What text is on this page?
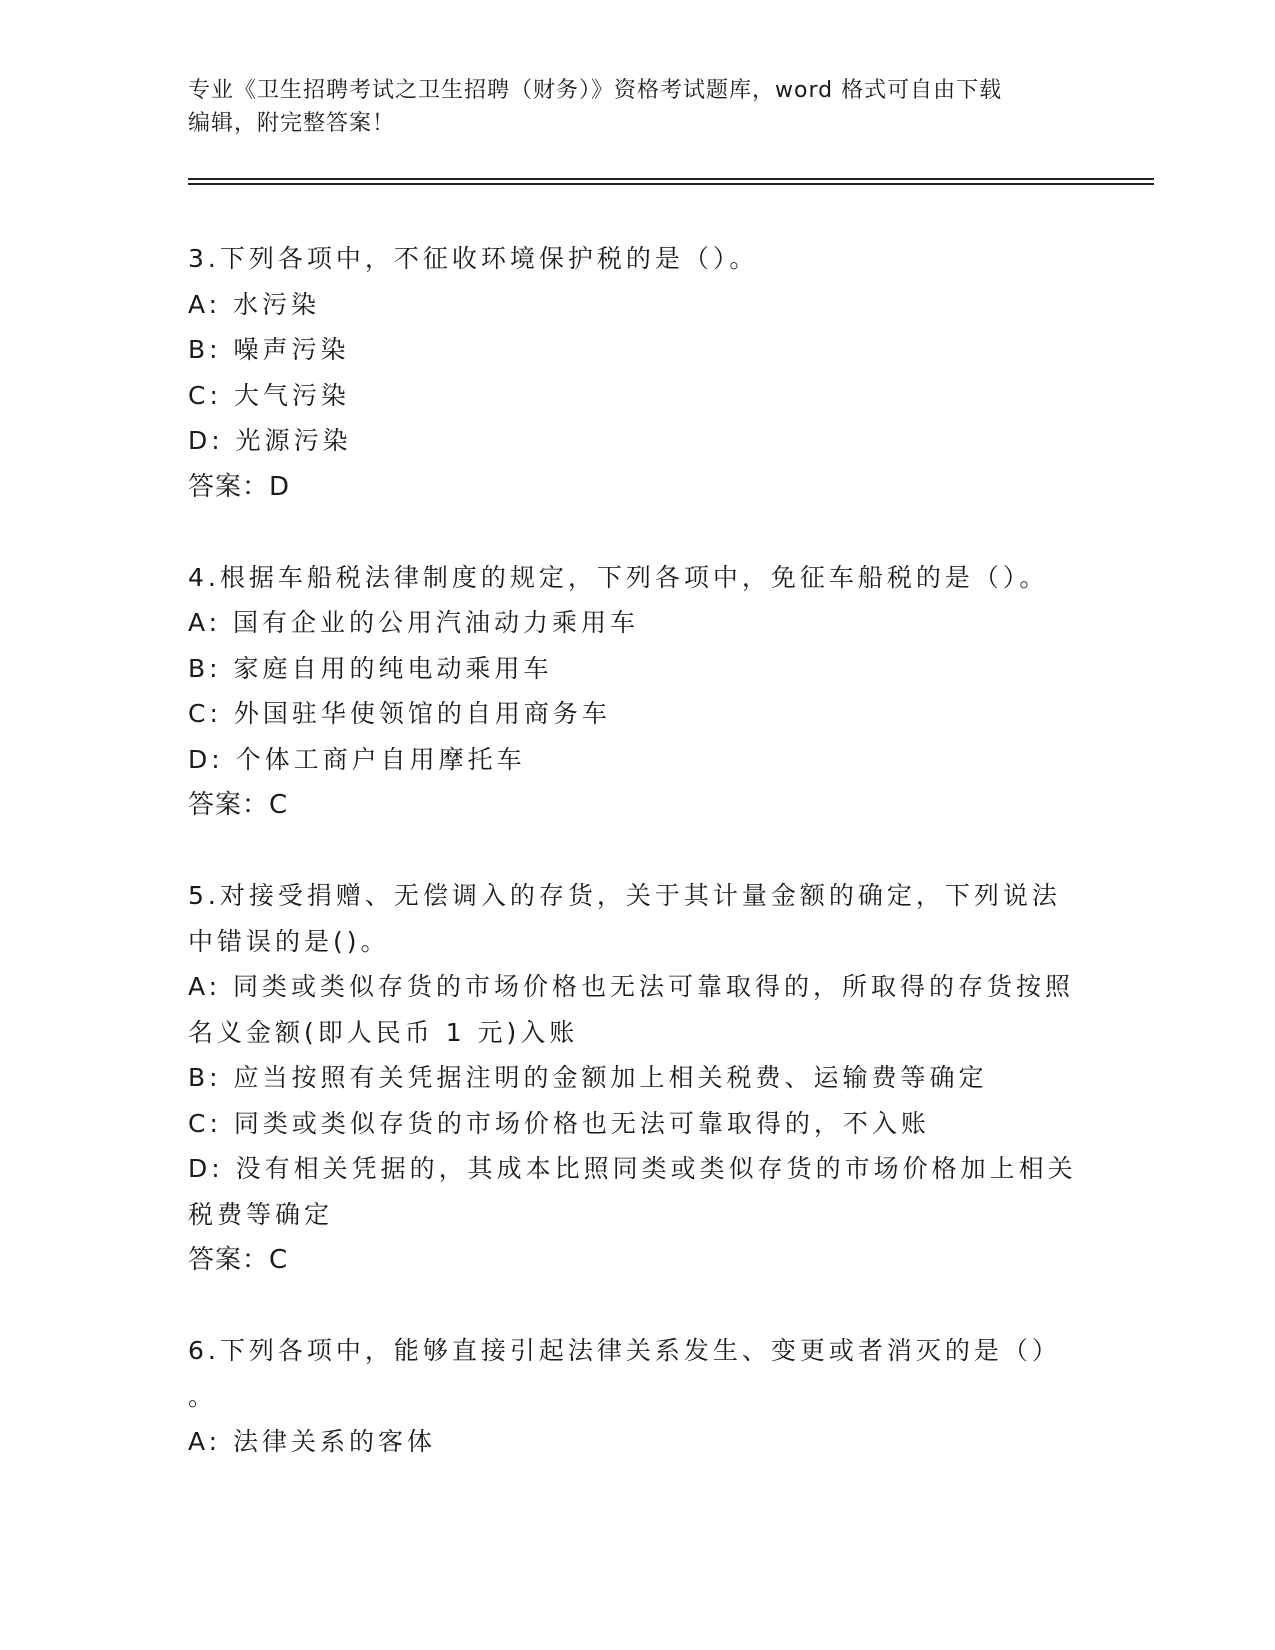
专业《卫生招聘考试之卫生招聘（财务）》资格考试题库，word 格式可自由下载
编辑，附完整答案！
3.下列各项中，不征收环境保护税的是（）。
A: 水污染
B: 噪声污染
C: 大气污染
D: 光源污染
答案：D
4.根据车船税法律制度的规定，下列各项中，免征车船税的是（）。
A: 国有企业的公用汽油动力乘用车
B: 家庭自用的纯电动乘用车
C: 外国驻华使领馆的自用商务车
D: 个体工商户自用摩托车
答案：C
5.对接受捐赠、无偿调入的存货，关于其计量金额的确定，下列说法
中错误的是()。
A: 同类或类似存货的市场价格也无法可靠取得的，所取得的存货按照
名义金额(即人民币 1 元)入账
B: 应当按照有关凭据注明的金额加上相关税费、运输费等确定
C: 同类或类似存货的市场价格也无法可靠取得的，不入账
D: 没有相关凭据的，其成本比照同类或类似存货的市场价格加上相关
税费等确定
答案：C
6.下列各项中，能够直接引起法律关系发生、变更或者消灭的是（）
。
A: 法律关系的客体
